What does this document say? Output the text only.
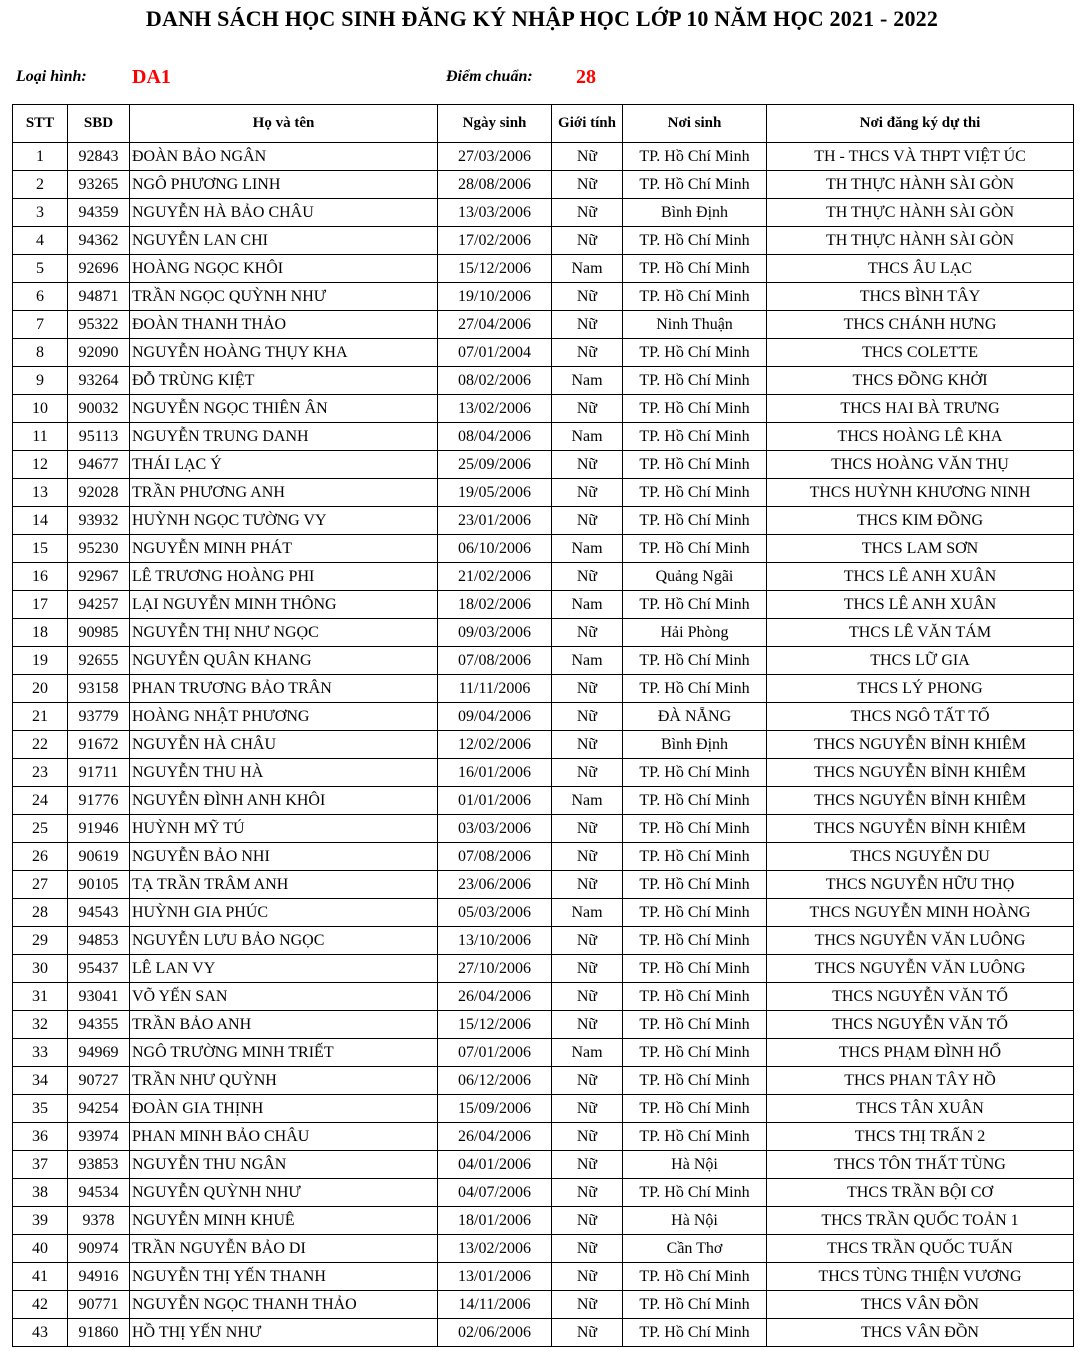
DANH SÁCH HỌC SINH ĐĂNG KÝ NHẬP HỌC LỚP 10 NĂM HỌC 2021 - 2022
Loại hình: DA1	Điểm chuẩn: 28
STT	SBD	Họ và tên	Ngày sinh	Giới tính	Nơi sinh	Nơi đăng ký dự thi
1	92843	ĐOÀN BẢO NGÂN	27/03/2006	Nữ	TP. Hồ Chí Minh	TH - THCS VÀ THPT VIỆT ÚC
2	93265	NGÔ PHƯƠNG LINH	28/08/2006	Nữ	TP. Hồ Chí Minh	TH THỰC HÀNH SÀI GÒN
3	94359	NGUYỄN HÀ BẢO CHÂU	13/03/2006	Nữ	Bình Định	TH THỰC HÀNH SÀI GÒN
4	94362	NGUYỄN LAN CHI	17/02/2006	Nữ	TP. Hồ Chí Minh	TH THỰC HÀNH SÀI GÒN
5	92696	HOÀNG NGỌC KHÔI	15/12/2006	Nam	TP. Hồ Chí Minh	THCS ÂU LẠC
6	94871	TRẦN NGỌC QUỲNH NHƯ	19/10/2006	Nữ	TP. Hồ Chí Minh	THCS BÌNH TÂY
7	95322	ĐOÀN THANH THẢO	27/04/2006	Nữ	Ninh Thuận	THCS CHÁNH HƯNG
8	92090	NGUYỄN HOÀNG THỤY KHA	07/01/2004	Nữ	TP. Hồ Chí Minh	THCS COLETTE
9	93264	ĐỖ TRÙNG KIỆT	08/02/2006	Nam	TP. Hồ Chí Minh	THCS ĐỒNG KHỞI
10	90032	NGUYỄN NGỌC THIÊN ÂN	13/02/2006	Nữ	TP. Hồ Chí Minh	THCS HAI BÀ TRƯNG
11	95113	NGUYỄN TRUNG DANH	08/04/2006	Nam	TP. Hồ Chí Minh	THCS HOÀNG LÊ KHA
12	94677	THÁI LẠC Ý	25/09/2006	Nữ	TP. Hồ Chí Minh	THCS HOÀNG VĂN THỤ
13	92028	TRẦN PHƯƠNG ANH	19/05/2006	Nữ	TP. Hồ Chí Minh	THCS HUỲNH KHƯƠNG NINH
14	93932	HUỲNH NGỌC TƯỜNG VY	23/01/2006	Nữ	TP. Hồ Chí Minh	THCS KIM ĐỒNG
15	95230	NGUYỄN MINH PHÁT	06/10/2006	Nam	TP. Hồ Chí Minh	THCS LAM SƠN
16	92967	LÊ TRƯƠNG HOÀNG PHI	21/02/2006	Nữ	Quảng Ngãi	THCS LÊ ANH XUÂN
17	94257	LẠI NGUYỄN MINH THÔNG	18/02/2006	Nam	TP. Hồ Chí Minh	THCS LÊ ANH XUÂN
18	90985	NGUYỄN THỊ NHƯ NGỌC	09/03/2006	Nữ	Hải Phòng	THCS LÊ VĂN TÁM
19	92655	NGUYỄN QUÂN KHANG	07/08/2006	Nam	TP. Hồ Chí Minh	THCS LỮ GIA
20	93158	PHAN TRƯƠNG BẢO TRÂN	11/11/2006	Nữ	TP. Hồ Chí Minh	THCS LÝ PHONG
21	93779	HOÀNG NHẬT PHƯƠNG	09/04/2006	Nữ	ĐÀ NẴNG	THCS NGÔ TẤT TỐ
22	91672	NGUYỄN HÀ CHÂU	12/02/2006	Nữ	Bình Định	THCS NGUYỄN BỈNH KHIÊM
23	91711	NGUYỄN THU HÀ	16/01/2006	Nữ	TP. Hồ Chí Minh	THCS NGUYỄN BỈNH KHIÊM
24	91776	NGUYỄN ĐÌNH ANH KHÔI	01/01/2006	Nam	TP. Hồ Chí Minh	THCS NGUYỄN BỈNH KHIÊM
25	91946	HUỲNH MỸ TÚ	03/03/2006	Nữ	TP. Hồ Chí Minh	THCS NGUYỄN BỈNH KHIÊM
26	90619	NGUYỄN BẢO NHI	07/08/2006	Nữ	TP. Hồ Chí Minh	THCS NGUYỄN DU
27	90105	TẠ TRẦN TRÂM ANH	23/06/2006	Nữ	TP. Hồ Chí Minh	THCS NGUYỄN HỮU THỌ
28	94543	HUỲNH GIA PHÚC	05/03/2006	Nam	TP. Hồ Chí Minh	THCS NGUYỄN MINH HOÀNG
29	94853	NGUYỄN LƯU BẢO NGỌC	13/10/2006	Nữ	TP. Hồ Chí Minh	THCS NGUYỄN VĂN LUÔNG
30	95437	LÊ LAN VY	27/10/2006	Nữ	TP. Hồ Chí Minh	THCS NGUYỄN VĂN LUÔNG
31	93041	VÕ YẾN SAN	26/04/2006	Nữ	TP. Hồ Chí Minh	THCS NGUYỄN VĂN TỐ
32	94355	TRẦN BẢO ANH	15/12/2006	Nữ	TP. Hồ Chí Minh	THCS NGUYỄN VĂN TỐ
33	94969	NGÔ TRƯỜNG MINH TRIẾT	07/01/2006	Nam	TP. Hồ Chí Minh	THCS PHẠM ĐÌNH HỔ
34	90727	TRẦN NHƯ QUỲNH	06/12/2006	Nữ	TP. Hồ Chí Minh	THCS PHAN TÂY HỒ
35	94254	ĐOÀN GIA THỊNH	15/09/2006	Nữ	TP. Hồ Chí Minh	THCS TÂN XUÂN
36	93974	PHAN MINH BẢO CHÂU	26/04/2006	Nữ	TP. Hồ Chí Minh	THCS THỊ TRẤN 2
37	93853	NGUYỄN THU NGÂN	04/01/2006	Nữ	Hà Nội	THCS TÔN THẤT TÙNG
38	94534	NGUYỄN QUỲNH NHƯ	04/07/2006	Nữ	TP. Hồ Chí Minh	THCS TRẦN BỘI CƠ
39	9378	NGUYỄN MINH KHUÊ	18/01/2006	Nữ	Hà Nội	THCS TRẦN QUỐC TOẢN 1
40	90974	TRẦN NGUYỄN BẢO DI	13/02/2006	Nữ	Cần Thơ	THCS TRẦN QUỐC TUẤN
41	94916	NGUYỄN THỊ YẾN THANH	13/01/2006	Nữ	TP. Hồ Chí Minh	THCS TÙNG THIỆN VƯƠNG
42	90771	NGUYỄN NGỌC THANH THẢO	14/11/2006	Nữ	TP. Hồ Chí Minh	THCS VÂN ĐỒN
43	91860	HỒ THỊ YẾN NHƯ	02/06/2006	Nữ	TP. Hồ Chí Minh	THCS VÂN ĐỒN
